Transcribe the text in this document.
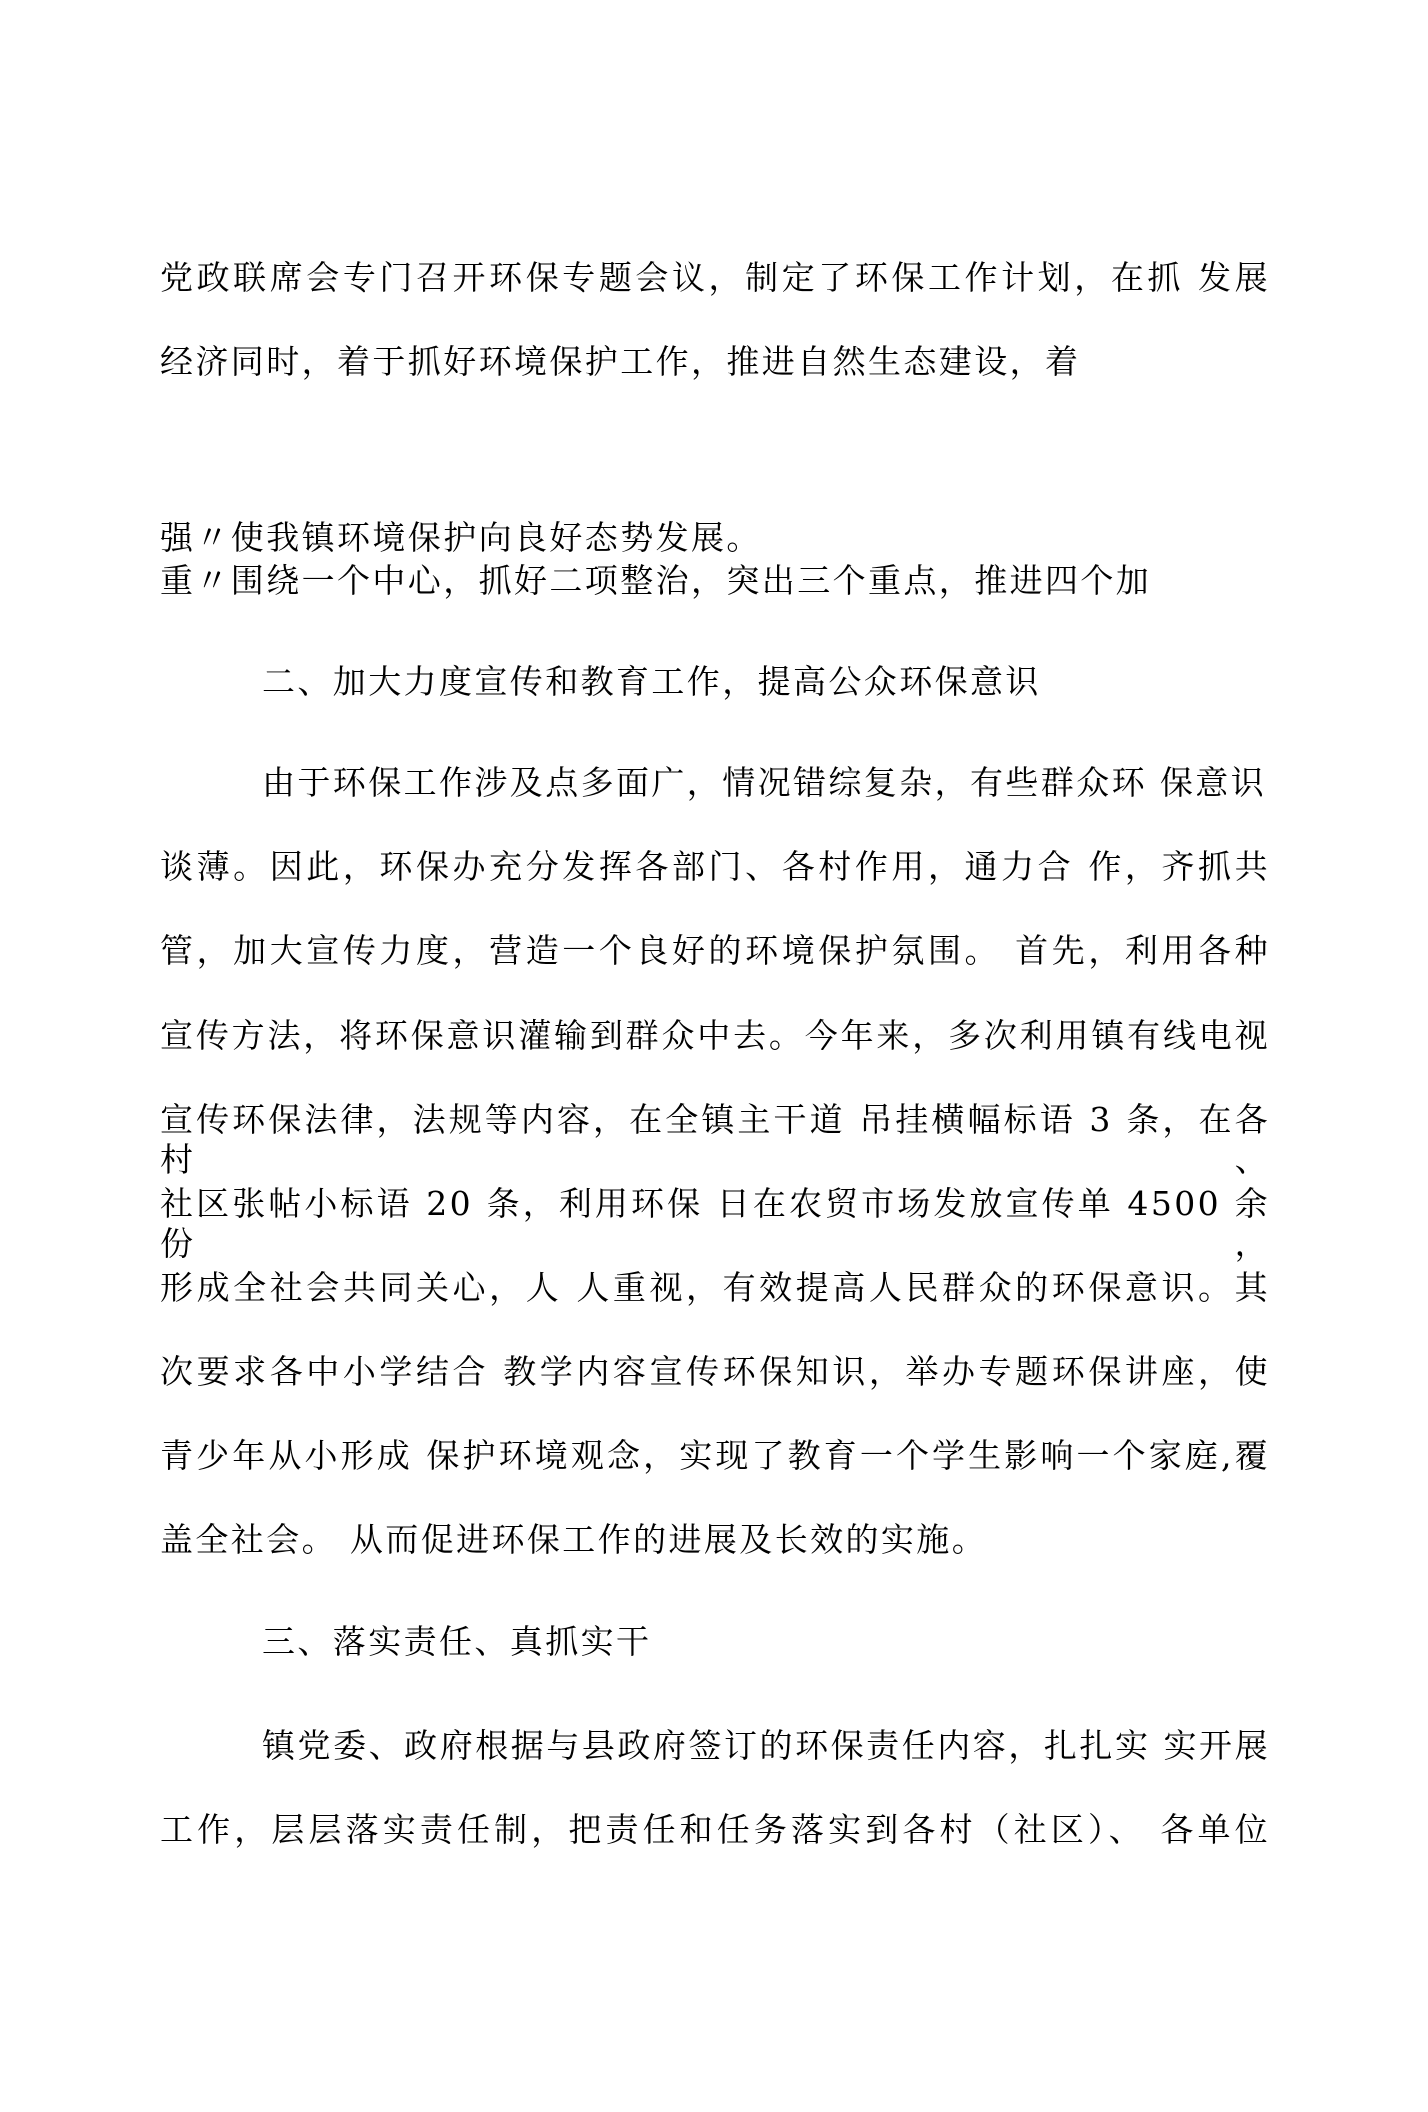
党政联席会专门召开环保专题会议，制定了环保工作计划，在抓 发展
经济同时，着于抓好环境保护工作，推进自然生态建设，着
强〃使我镇环境保护向良好态势发展。
重〃围绕一个中心，抓好二项整治，突出三个重点，推进四个加
二、加大力度宣传和教育工作，提高公众环保意识
由于环保工作涉及点多面广，情况错综复杂，有些群众环 保意识
谈薄。因此，环保办充分发挥各部门、各村作用，通力合 作，齐抓共
管，加大宣传力度，营造一个良好的环境保护氛围。 首先，利用各种
宣传方法，将环保意识灌输到群众中去。今年来，多次利用镇有线电视
宣传环保法律，法规等内容，在全镇主干道 吊挂横幅标语 3 条，在各村、
社区张帖小标语 20 条，利用环保 日在农贸市场发放宣传单 4500 余份，
形成全社会共同关心，人 人重视，有效提高人民群众的环保意识。其
次要求各中小学结合 教学内容宣传环保知识，举办专题环保讲座，使
青少年从小形成 保护环境观念，实现了教育一个学生影响一个家庭,覆
盖全社会。 从而促进环保工作的进展及长效的实施。
三、落实责任、真抓实干
镇党委、政府根据与县政府签订的环保责任内容，扎扎实 实开展
工作，层层落实责任制，把责任和任务落实到各村（社区）、 各单位
